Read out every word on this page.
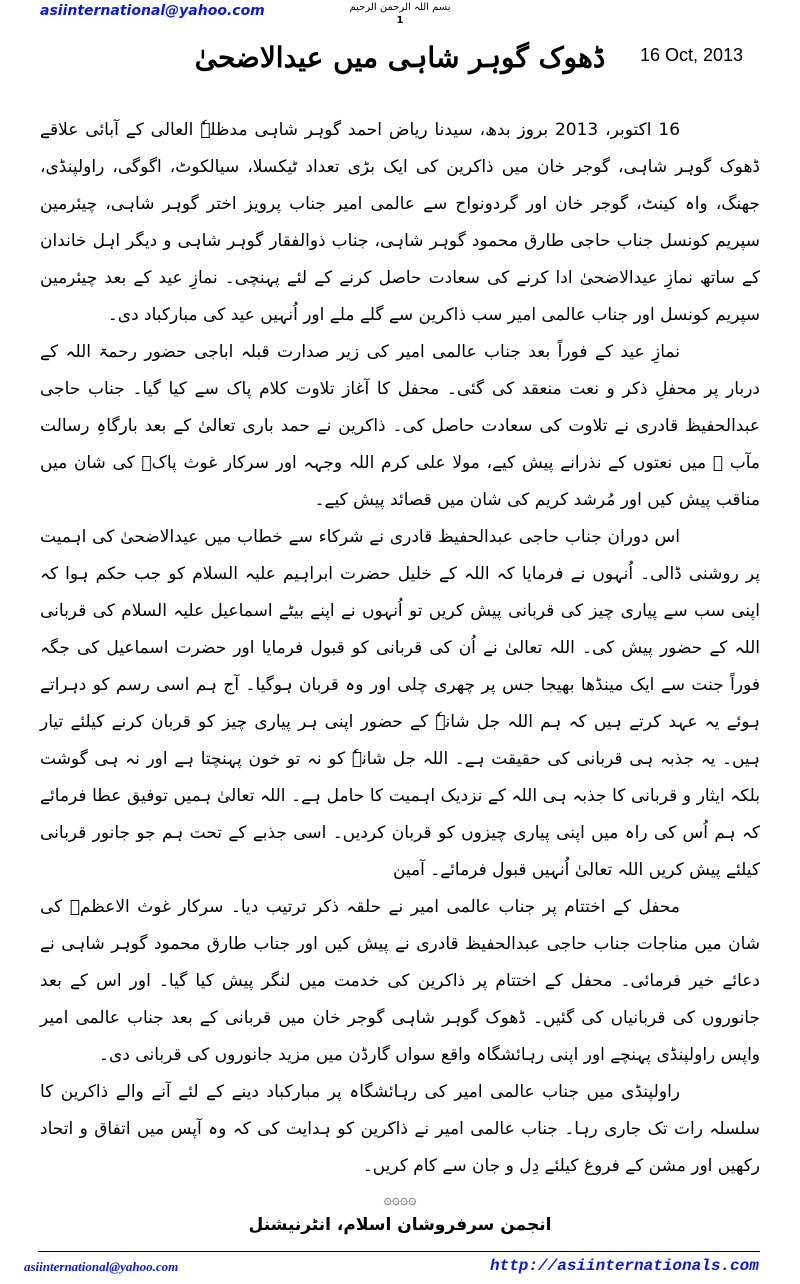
asiinternational@yahoo.com	بسم اللہ الرحمن الرحیم
1
ڈھوک گوہر شاہی میں عیدالاضحیٰ	16 Oct, 2013

16 اکتوبر، 2013 بروز بدھ، سیدنا ریاض احمد گوہر شاہی مدظلہٗ العالی کے آبائی علاقے ڈھوک گوہر شاہی، گوجر خان میں ذاکرین کی ایک بڑی تعداد ٹیکسلا، سیالکوٹ، اگوگی، راولپنڈی، جھنگ، واہ کینٹ، گوجر خان اور گردونواح سے عالمی امیر جناب پرویز اختر گوہر شاہی، چیئرمین سپریم کونسل جناب حاجی طارق محمود گوہر شاہی، جناب ذوالفقار گوہر شاہی و دیگر اہل خاندان کے ساتھ نمازِ عیدالاضحیٰ ادا کرنے کی سعادت حاصل کرنے کے لئے پہنچی۔ نمازِ عید کے بعد چیئرمین سپریم کونسل اور جناب عالمی امیر سب ذاکرین سے گلے ملے اور اُنہیں عید کی مبارکباد دی۔

نمازِ عید کے فوراً بعد جناب عالمی امیر کی زیر صدارت قبلہ اباجی حضور رحمۃ اللہ کے دربار پر محفلِ ذکر و نعت منعقد کی گئی۔ محفل کا آغاز تلاوت کلام پاک سے کیا گیا۔ جناب حاجی عبدالحفیظ قادری نے تلاوت کی سعادت حاصل کی۔ ذاکرین نے حمد باری تعالیٰ کے بعد بارگاہِ رسالت مآب ﷺ میں نعتوں کے نذرانے پیش کیے، مولا علی کرم اللہ وجہہ اور سرکار غوث پاکؓ کی شان میں مناقب پیش کیں اور مُرشد کریم کی شان میں قصائد پیش کیے۔

اس دوران جناب حاجی عبدالحفیظ قادری نے شرکاء سے خطاب میں عیدالاضحیٰ کی اہمیت پر روشنی ڈالی۔ اُنہوں نے فرمایا کہ اللہ کے خلیل حضرت ابراہیم علیہ السلام کو جب حکم ہوا کہ اپنی سب سے پیاری چیز کی قربانی پیش کریں تو اُنہوں نے اپنے بیٹے اسماعیل علیہ السلام کی قربانی اللہ کے حضور پیش کی۔ اللہ تعالیٰ نے اُن کی قربانی کو قبول فرمایا اور حضرت اسماعیل کی جگہ فوراً جنت سے ایک مینڈھا بھیجا جس پر چھری چلی اور وہ قربان ہوگیا۔ آج ہم اسی رسم کو دہراتے ہوئے یہ عہد کرتے ہیں کہ ہم اللہ جل شانہٗ کے حضور اپنی ہر پیاری چیز کو قربان کرنے کیلئے تیار ہیں۔ یہ جذبہ ہی قربانی کی حقیقت ہے۔ اللہ جل شانہٗ کو نہ تو خون پہنچتا ہے اور نہ ہی گوشت بلکہ ایثار و قربانی کا جذبہ ہی اللہ کے نزدیک اہمیت کا حامل ہے۔ اللہ تعالیٰ ہمیں توفیق عطا فرمائے کہ ہم اُس کی راہ میں اپنی پیاری چیزوں کو قربان کردیں۔ اسی جذبے کے تحت ہم جو جانور قربانی کیلئے پیش کریں اللہ تعالیٰ اُنہیں قبول فرمائے۔ آمین

محفل کے اختتام پر جناب عالمی امیر نے حلقہ ذکر ترتیب دیا۔ سرکار غوث الاعظمؓ کی شان میں مناجات جناب حاجی عبدالحفیظ قادری نے پیش کیں اور جناب طارق محمود گوہر شاہی نے دعائے خیر فرمائی۔ محفل کے اختتام پر ذاکرین کی خدمت میں لنگر پیش کیا گیا۔ اور اس کے بعد جانوروں کی قربانیاں کی گئیں۔ ڈھوک گوہر شاہی گوجر خان میں قربانی کے بعد جناب عالمی امیر واپس راولپنڈی پہنچے اور اپنی رہائشگاہ واقع سواں گارڈن میں مزید جانوروں کی قربانی دی۔

راولپنڈی میں جناب عالمی امیر کی رہائشگاہ پر مبارکباد دینے کے لئے آنے والے ذاکرین کا سلسلہ رات تک جاری رہا۔ جناب عالمی امیر نے ذاکرین کو ہدایت کی کہ وہ آپس میں اتفاق و اتحاد رکھیں اور مشن کے فروغ کیلئے دِل و جان سے کام کریں۔

۞۞۞۞
انجمن سرفروشان اسلام، انٹرنیشنل
asiinternational@yahoo.com	http://asiinternationals.com
